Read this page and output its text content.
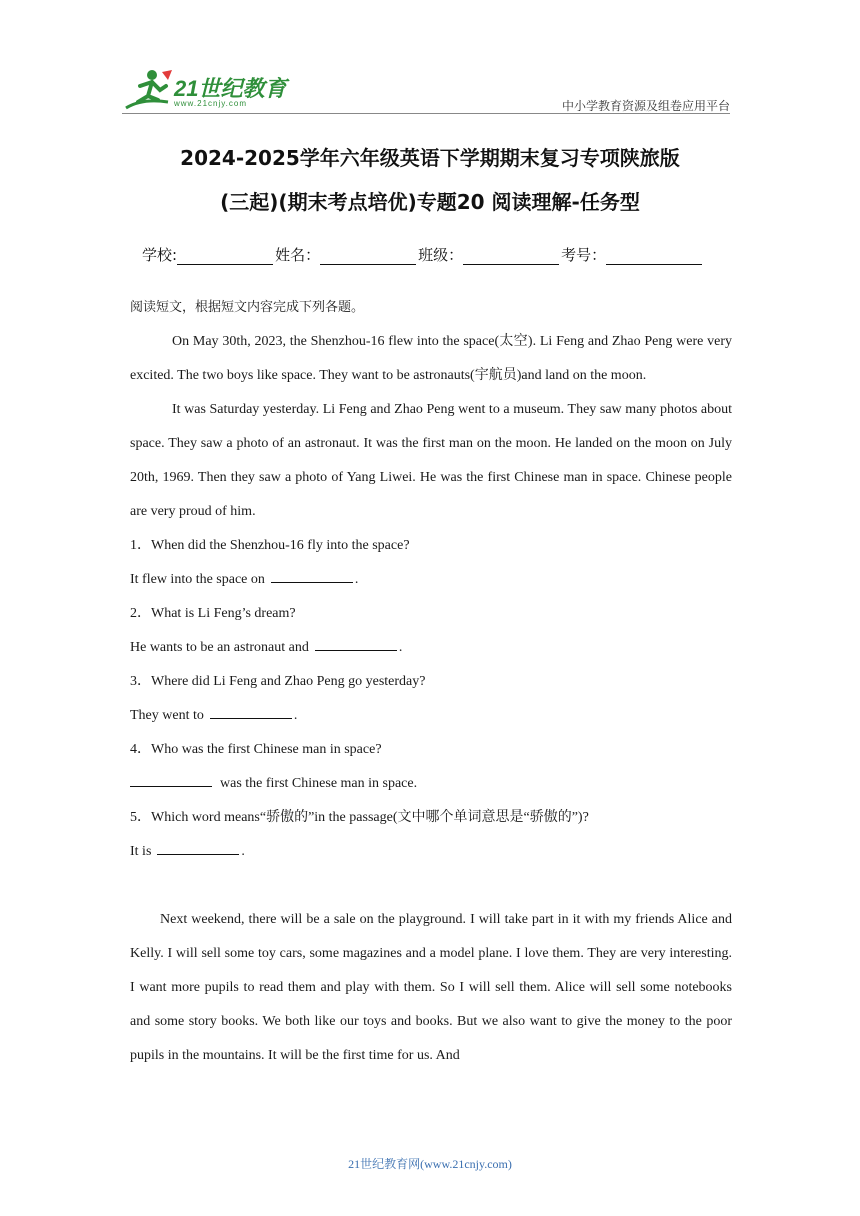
21世纪教育
www.21cnjy.com	中小学教育资源及组卷应用平台
2024-2025学年六年级英语下学期期末复习专项陕旅版
(三起)(期末考点培优)专题20 阅读理解-任务型
学校:	姓名：	班级：	考号：

阅读短文，根据短文内容完成下列各题。

On May 30th, 2023, the Shenzhou-16 flew into the space(太空). Li Feng and Zhao Peng were very excited. The two boys like space. They want to be astronauts(宇航员)and land on the moon.

It was Saturday yesterday. Li Feng and Zhao Peng went to a museum. They saw many photos about space. They saw a photo of an astronaut. It was the first man on the moon. He landed on the moon on July 20th, 1969. Then they saw a photo of Yang Liwei. He was the first Chinese man in space. Chinese people are very proud of him.

1．When did the Shenzhou-16 fly into the space?

It flew into the space on	.

2．What is Li Feng’s dream?

He wants to be an astronaut and	.

3．Where did Li Feng and Zhao Peng go yesterday?

They went to	.

4．Who was the first Chinese man in space?

was the first Chinese man in space.

5．Which word means“骄傲的”in the passage(文中哪个单词意思是“骄傲的”)?

It is	.

Next weekend, there will be a sale on the playground. I will take part in it with my friends Alice and Kelly. I will sell some toy cars, some magazines and a model plane. I love them. They are very interesting. I want more pupils to read them and play with them. So I will sell them. Alice will sell some notebooks and some story books. We both like our toys and books. But we also want to give the money to the poor pupils in the mountains. It will be the first time for us. And

21世纪教育网(www.21cnjy.com)
